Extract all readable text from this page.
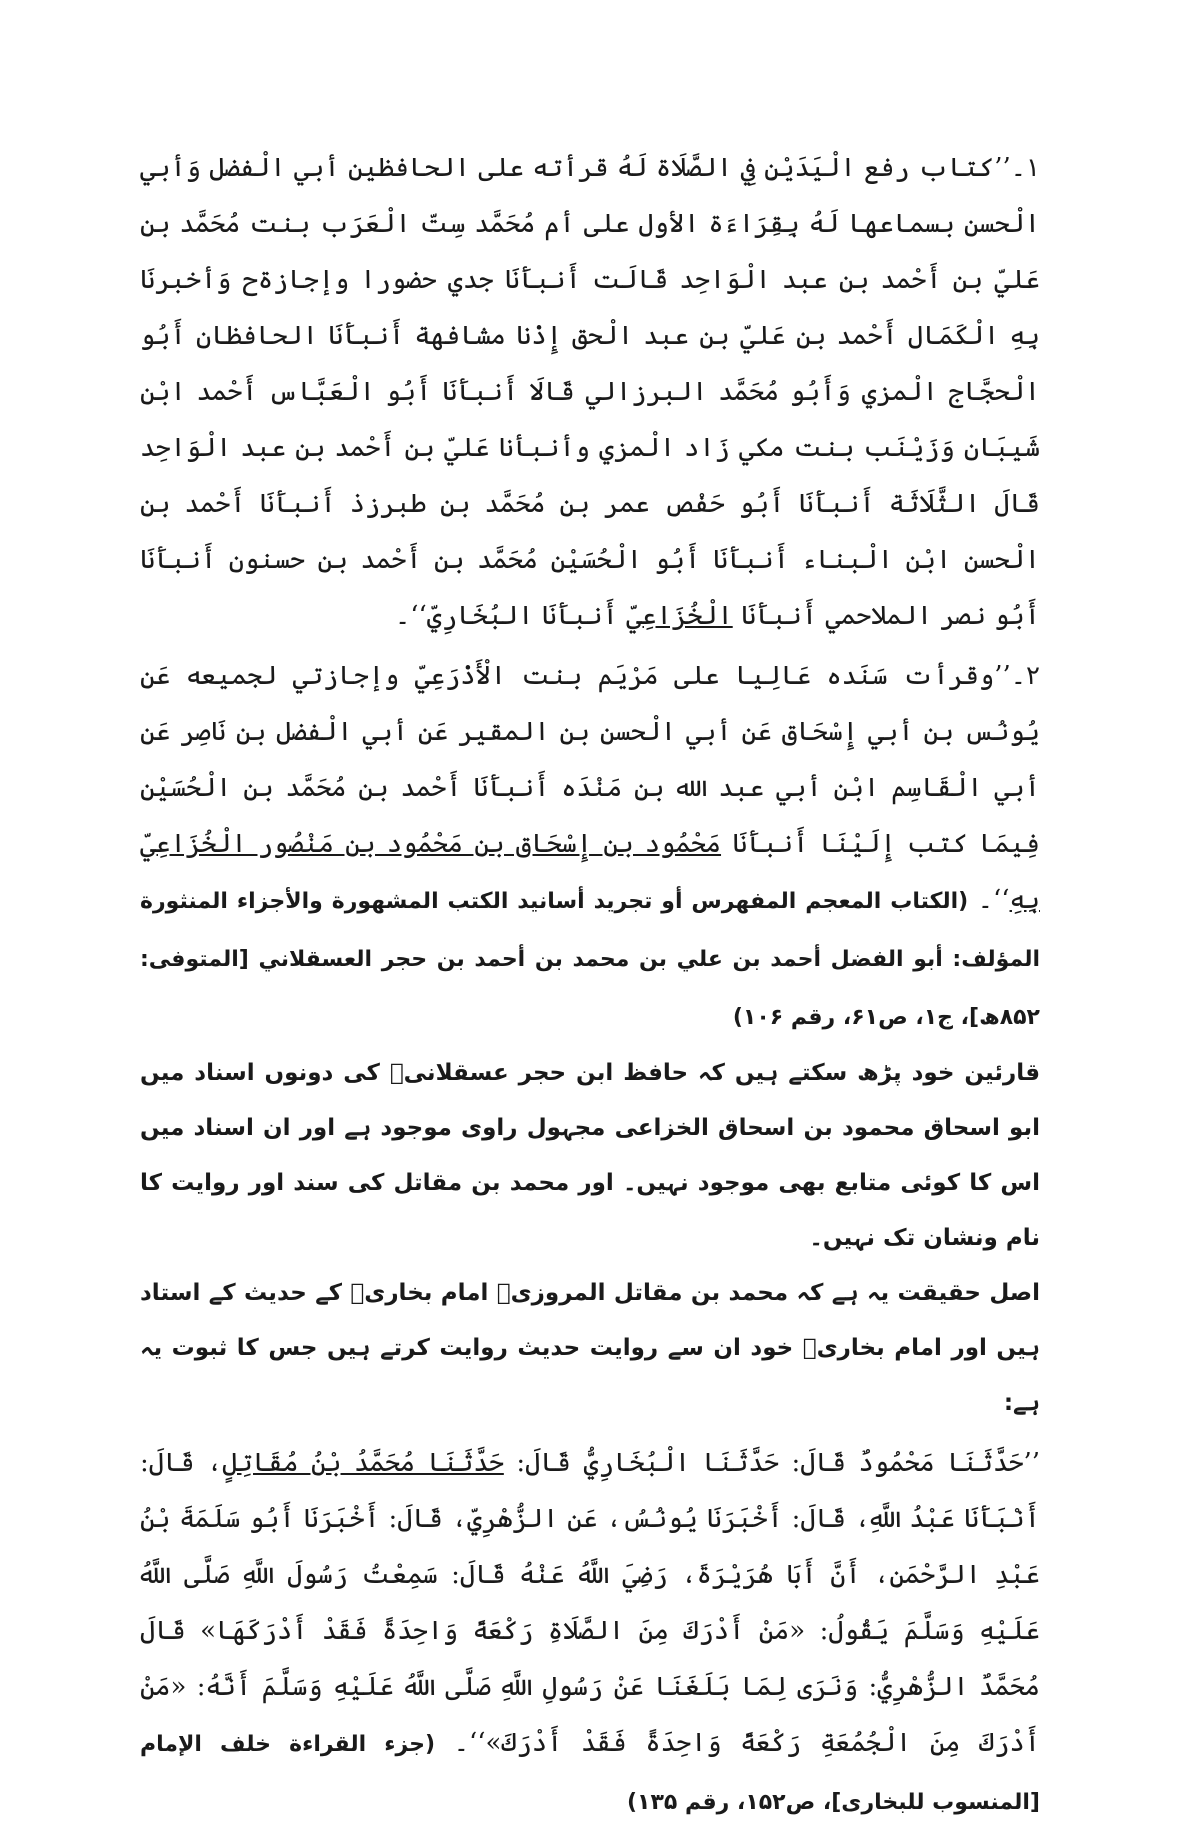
۱۔’’کتاب رفع الْيَدَيْنِ فِي الصَّلَاة لَهُ قرأته على الحافظين أبي الْفضل وَأبي الْحسن بسماعها لَهُ بِقِرَاءَة الأول على أم مُحَمَّد سِتّ الْعَرَب بنت مُحَمَّد بن عَليّ بن أَحْمد بن عبد الْوَاحِد قَالَت أَنبأَنَا جدي حضورا وإجازةح وَأخبرنَا بِهِ الْكَمَال أَحْمد بن عَليّ بن عبد الْحق إِذْنا مشافهة أَنبأَنَا الحافظان أَبُو الْحجَّاج الْمزي وَأَبُو مُحَمَّد البرزالي قَالَا أَنبأَنَا أَبُو الْعَبَّاس أَحْمد ابْن شَيبَان وَزَيْنَب بنت مكي زَاد الْمزي وأنبأنا عَليّ بن أَحْمد بن عبد الْوَاحِد قَالَ الثَّلَاثَة أَنبأَنَا أَبُو حَفْص عمر بن مُحَمَّد بن طبرزذ أَنبأَنَا أَحْمد بن الْحسن ابْن الْبناء أَنبأَنَا أَبُو الْحُسَيْن مُحَمَّد بن أَحْمد بن حسنون أَنبأَنَا أَبُو نصر الملاحمي أَنبأَنَا الْخُزَاعِيّ أَنبأَنَا البُخَارِيّ‘‘۔

۲۔’’وقرأت سَنَده عَالِيا على مَرْيَم بنت الْأَذْرَعِيّ وإجازتي لجميعه عَن يُونُس بن أبي إِسْحَاق عَن أبي الْحسن بن المقير عَن أبي الْفضل بن نَاصِر عَن أبي الْقَاسِم ابْن أبي عبد الله بن مَنْدَه أَنبأَنَا أَحْمد بن مُحَمَّد بن الْحُسَيْن فِيمَا كتب إِلَيْنَا أَنبأَنَا مَحْمُود بن إِسْحَاق بن مَحْمُود بن مَنْصُور الْخُزَاعِيّ بِهِ‘‘۔ (الكتاب المعجم المفهرس أو تجريد أسانيد الكتب المشهورة والأجزاء المنثورة المؤلف: أبو الفضل أحمد بن علي بن محمد بن أحمد بن حجر العسقلاني [المتوفى: ۸۵۲ھ]، ج۱، ص۶۱، رقم ۱۰۶)

قارئین خود پڑھ سکتے ہیں کہ حافظ ابن حجر عسقلانیؒ کی دونوں اسناد میں ابو اسحاق محمود بن اسحاق الخزاعی مجہول راوی موجود ہے اور ان اسناد میں اس کا کوئی متابع بھی موجود نہیں۔ اور محمد بن مقاتل کی سند اور روایت کا نام ونشان تک نہیں۔

اصل حقیقت یہ ہے کہ محمد بن مقاتل المروزیؒ امام بخاریؒ کے حدیث کے استاد ہیں اور امام بخاریؒ خود ان سے روایت حدیث روایت کرتے ہیں جس کا ثبوت یہ ہے:

’’حَدَّثَنَا مَحْمُودٌ قَالَ: حَدَّثَنَا الْبُخَارِيُّ قَالَ: حَدَّثَنَا مُحَمَّدُ بْنُ مُقَاتِلٍ، قَالَ: أَنْبَأَنَا عَبْدُ اللَّهِ، قَالَ: أَخْبَرَنَا يُونُسُ، عَنِ الزُّهْرِيِّ، قَالَ: أَخْبَرَنَا أَبُو سَلَمَةَ بْنُ عَبْدِ الرَّحْمَنِ، أَنَّ أَبَا هُرَيْرَةَ، رَضِيَ اللَّهُ عَنْهُ قَالَ: سَمِعْتُ رَسُولَ اللَّهِ صَلَّى اللَّهُ عَلَيْهِ وَسَلَّمَ يَقُولُ: «مَنْ أَدْرَكَ مِنَ الصَّلَاةِ رَكْعَةً وَاحِدَةً فَقَدْ أَدْرَكَهَا» قَالَ مُحَمَّدٌ الزُّهْرِيُّ: وَنَرَى لِمَا بَلَغَنَا عَنْ رَسُولِ اللَّهِ صَلَّى اللَّهُ عَلَيْهِ وَسَلَّمَ أَنَّهُ: «مَنْ أَدْرَكَ مِنَ الْجُمُعَةِ رَكْعَةً وَاحِدَةً فَقَدْ أَدْرَكَ»‘‘۔ (جزء القراءة خلف الإمام [المنسوب للبخاری]، ص۱۵۲، رقم ۱۳۵)
